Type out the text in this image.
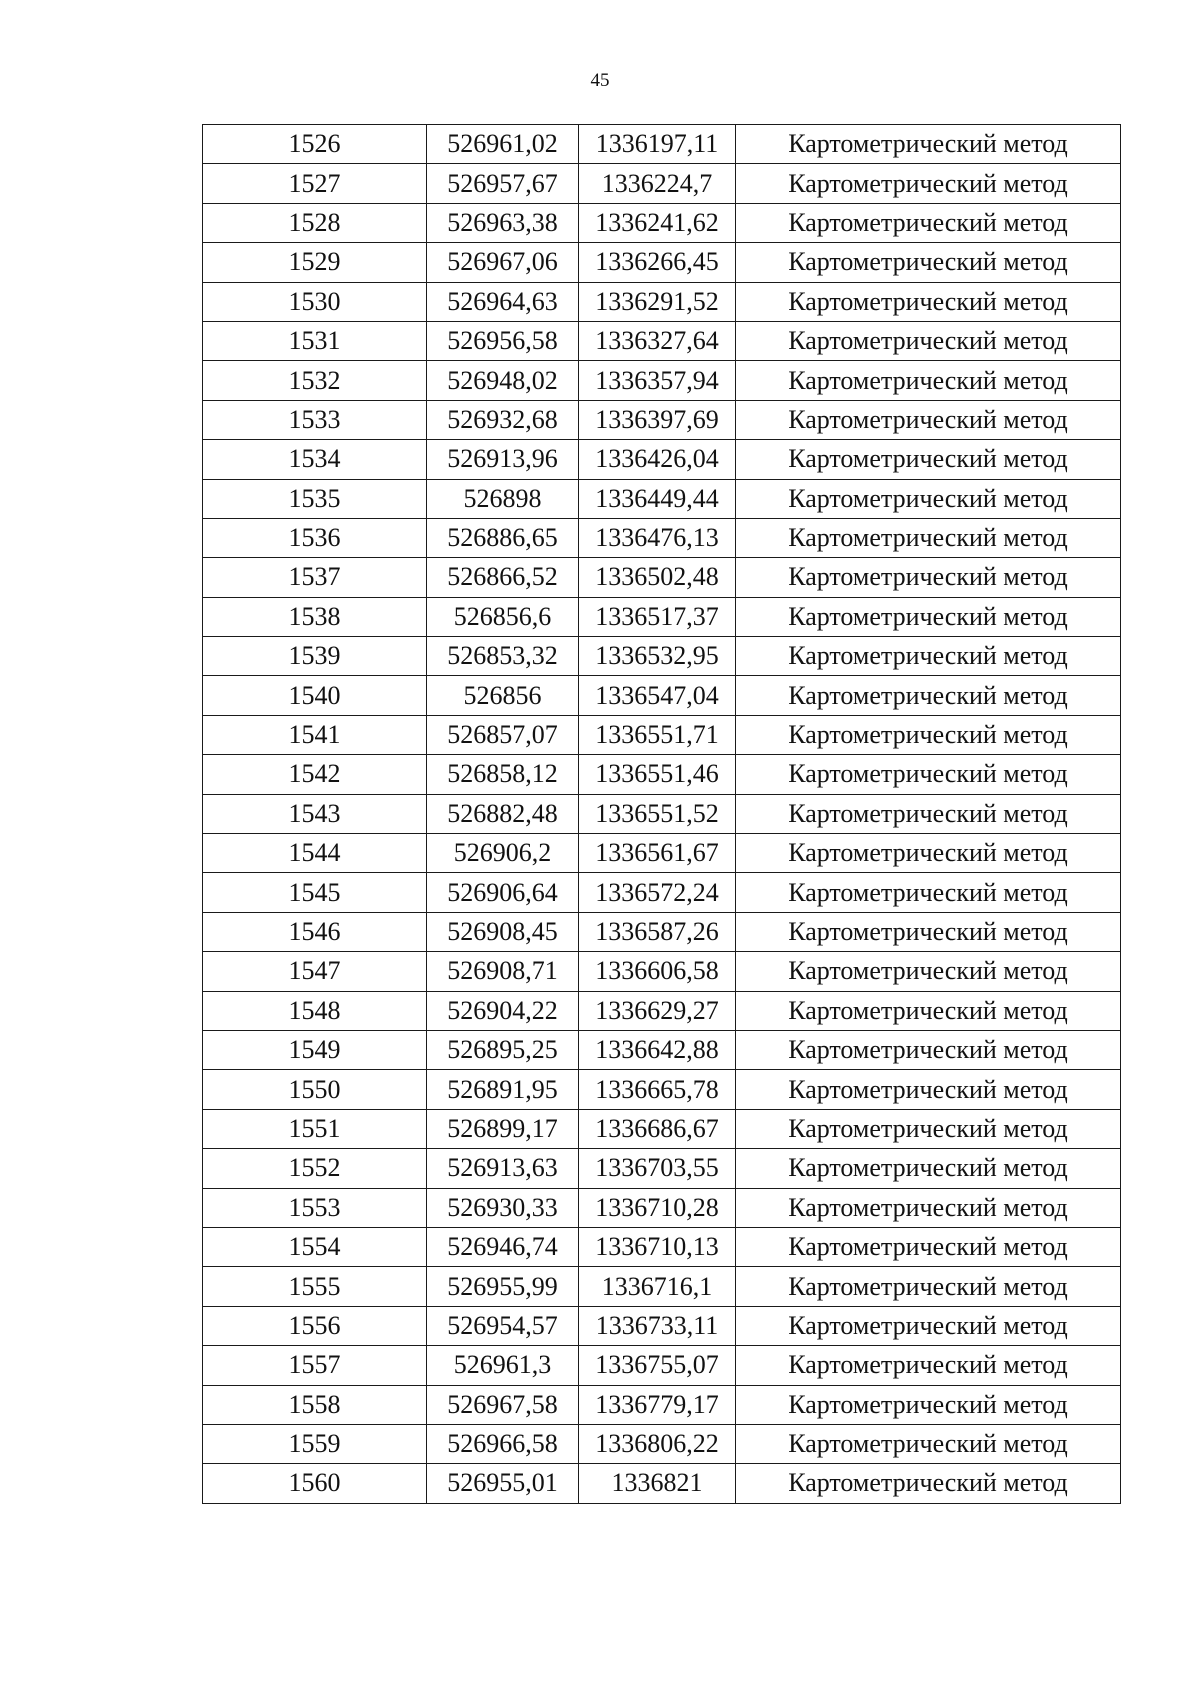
45
1526	526961,02	1336197,11	Картометрический метод
1527	526957,67	1336224,7	Картометрический метод
1528	526963,38	1336241,62	Картометрический метод
1529	526967,06	1336266,45	Картометрический метод
1530	526964,63	1336291,52	Картометрический метод
1531	526956,58	1336327,64	Картометрический метод
1532	526948,02	1336357,94	Картометрический метод
1533	526932,68	1336397,69	Картометрический метод
1534	526913,96	1336426,04	Картометрический метод
1535	526898	1336449,44	Картометрический метод
1536	526886,65	1336476,13	Картометрический метод
1537	526866,52	1336502,48	Картометрический метод
1538	526856,6	1336517,37	Картометрический метод
1539	526853,32	1336532,95	Картометрический метод
1540	526856	1336547,04	Картометрический метод
1541	526857,07	1336551,71	Картометрический метод
1542	526858,12	1336551,46	Картометрический метод
1543	526882,48	1336551,52	Картометрический метод
1544	526906,2	1336561,67	Картометрический метод
1545	526906,64	1336572,24	Картометрический метод
1546	526908,45	1336587,26	Картометрический метод
1547	526908,71	1336606,58	Картометрический метод
1548	526904,22	1336629,27	Картометрический метод
1549	526895,25	1336642,88	Картометрический метод
1550	526891,95	1336665,78	Картометрический метод
1551	526899,17	1336686,67	Картометрический метод
1552	526913,63	1336703,55	Картометрический метод
1553	526930,33	1336710,28	Картометрический метод
1554	526946,74	1336710,13	Картометрический метод
1555	526955,99	1336716,1	Картометрический метод
1556	526954,57	1336733,11	Картометрический метод
1557	526961,3	1336755,07	Картометрический метод
1558	526967,58	1336779,17	Картометрический метод
1559	526966,58	1336806,22	Картометрический метод
1560	526955,01	1336821	Картометрический метод
